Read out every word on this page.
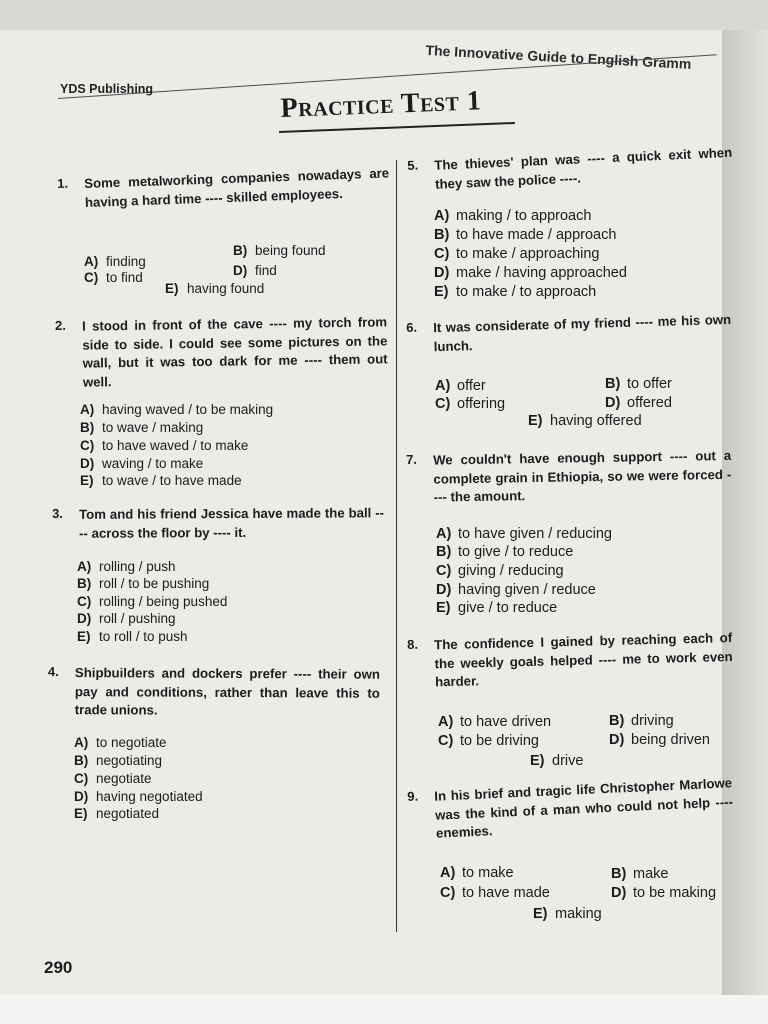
The Innovative Guide to English Gramm
YDS Publishing	Practice Test 1
1. Some metalworking companies nowadays are having a hard time ---- skilled employees.
A) finding
B) being found
C) to find	D) find
E) having found
2. I stood in front of the cave ---- my torch from side to side. I could see some pictures on the wall, but it was too dark for me ---- them out well.
A) having waved / to be making
B) to wave / making
C) to have waved / to make
D) waving / to make
E) to wave / to have made
3. Tom and his friend Jessica have made the ball ---- across the floor by ---- it.
A) rolling / push
B) roll / to be pushing
C) rolling / being pushed
D) roll / pushing
E) to roll / to push
4. Shipbuilders and dockers prefer ---- their own pay and conditions, rather than leave this to trade unions.
A) to negotiate
B) negotiating
C) negotiate
D) having negotiated
E) negotiated
5. The thieves' plan was ---- a quick exit when they saw the police ----.
A) making / to approach
B) to have made / approach
C) to make / approaching
D) make / having approached
E) to make / to approach
6. It was considerate of my friend ---- me his own lunch.
A) offer	B) to offer
C) offering	D) offered
E) having offered
7. We couldn't have enough support ---- out a complete grain in Ethiopia, so we were forced ---- the amount.
A) to have given / reducing
B) to give / to reduce
C) giving / reducing
D) having given / reduce
E) give / to reduce
8. The confidence I gained by reaching each of the weekly goals helped ---- me to work even harder.
A) to have driven	B) driving
C) to be driving	D) being driven
E) drive
9. In his brief and tragic life Christopher Marlowe was the kind of a man who could not help ---- enemies.
A) to make	B) make
C) to have made	D) to be making
E) making
290
